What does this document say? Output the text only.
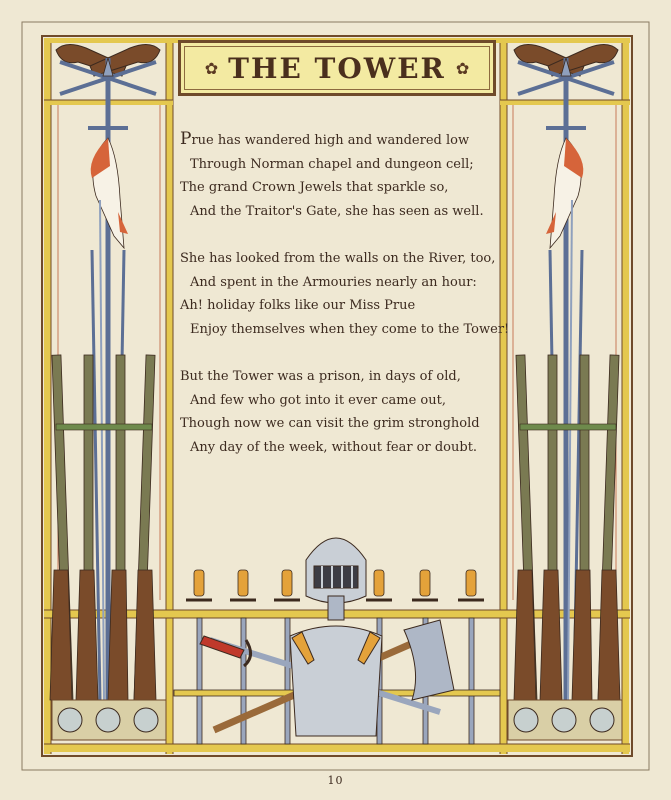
✿ THE TOWER ✿
Prue has wandered high and wandered low
Through Norman chapel and dungeon cell;
The grand Crown Jewels that sparkle so,
And the Traitor's Gate, she has seen as well.
She has looked from the walls on the River, too,
And spent in the Armouries nearly an hour:
Ah! holiday folks like our Miss Prue
Enjoy themselves when they come to the Tower!
But the Tower was a prison, in days of old,
And few who got into it ever came out,
Though now we can visit the grim stronghold
Any day of the week, without fear or doubt.
10
